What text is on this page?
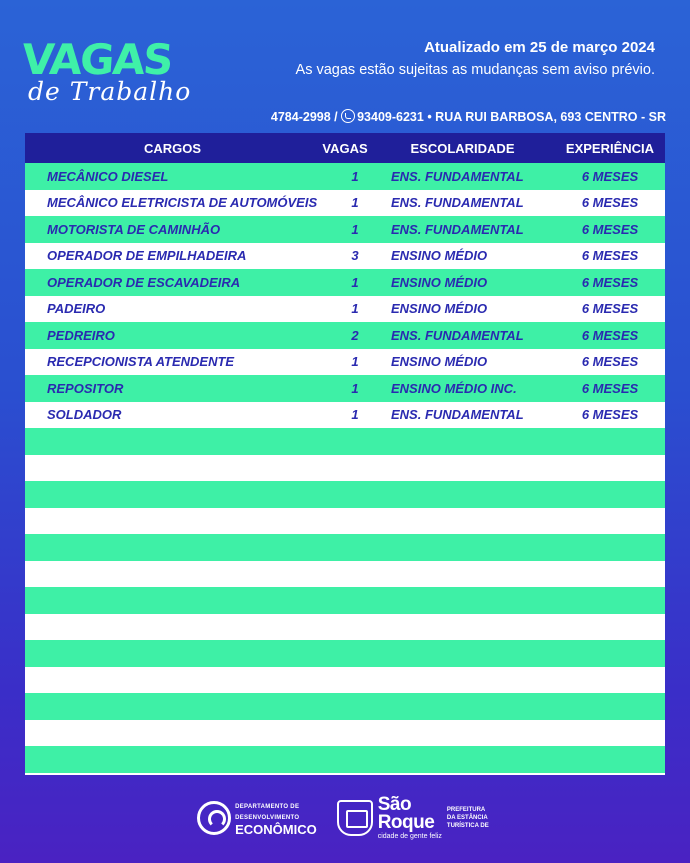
VAGAS
de Trabalho
Atualizado em 25 de março 2024
As vagas estão sujeitas as mudanças sem aviso prévio.
4784-2998 / 93409-6231 • RUA RUI BARBOSA, 693 CENTRO - SR
CARGOS	VAGAS	ESCOLARIDADE	EXPERIÊNCIA
MECÂNICO DIESEL	1	ENS. FUNDAMENTAL	6 MESES
MECÂNICO ELETRICISTA DE AUTOMÓVEIS	1	ENS. FUNDAMENTAL	6 MESES
MOTORISTA DE CAMINHÃO	1	ENS. FUNDAMENTAL	6 MESES
OPERADOR DE EMPILHADEIRA	3	ENSINO MÉDIO	6 MESES
OPERADOR DE ESCAVADEIRA	1	ENSINO MÉDIO	6 MESES
PADEIRO	1	ENSINO MÉDIO	6 MESES
PEDREIRO	2	ENS. FUNDAMENTAL	6 MESES
RECEPCIONISTA ATENDENTE	1	ENSINO MÉDIO	6 MESES
REPOSITOR	1	ENSINO MÉDIO INC.	6 MESES
SOLDADOR	1	ENS. FUNDAMENTAL	6 MESES
DEPARTAMENTO DE DESENVOLVIMENTO
ECONÔMICO
São
Roque
cidade de gente feliz
PREFEITURA DA ESTÂNCIA TURÍSTICA DE
